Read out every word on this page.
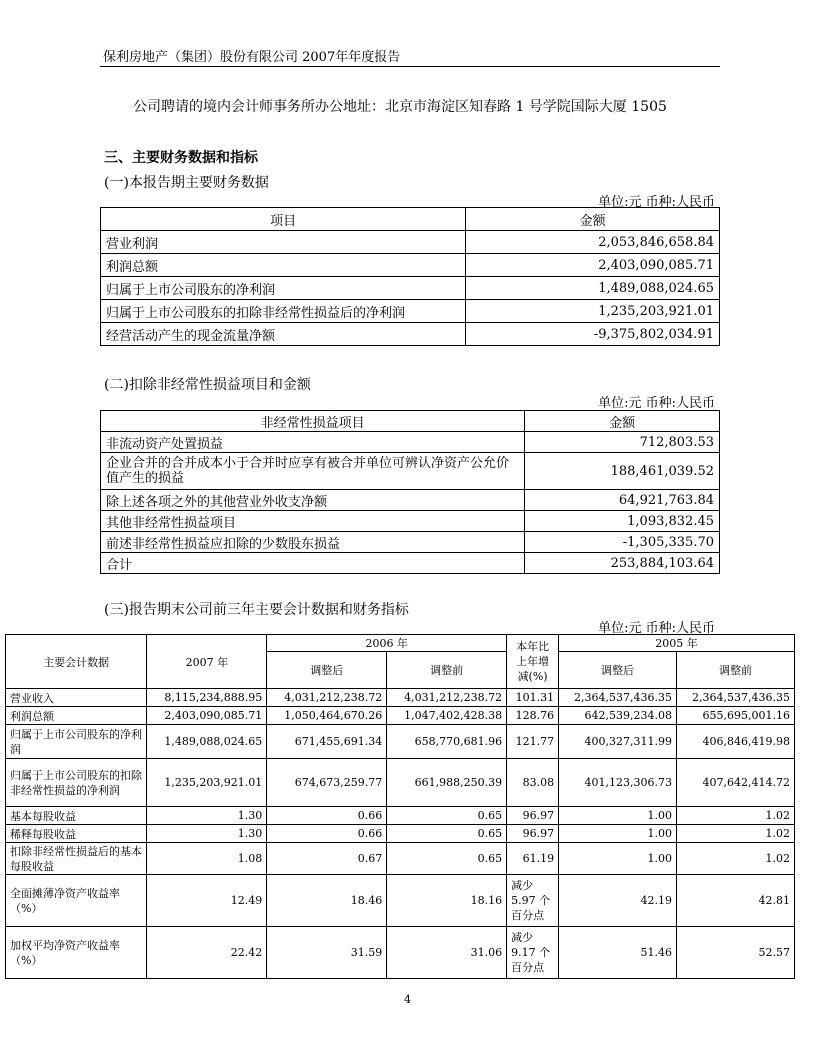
保利房地产（集团）股份有限公司 2007年年度报告
公司聘请的境内会计师事务所办公地址：北京市海淀区知春路 1 号学院国际大厦 1505
三、主要财务数据和指标
(一)本报告期主要财务数据
单位:元 币种:人民币
项目	金额
营业利润	2,053,846,658.84
利润总额	2,403,090,085.71
归属于上市公司股东的净利润	1,489,088,024.65
归属于上市公司股东的扣除非经常性损益后的净利润	1,235,203,921.01
经营活动产生的现金流量净额	-9,375,802,034.91
(二)扣除非经常性损益项目和金额
单位:元 币种:人民币
非经常性损益项目	金额
非流动资产处置损益	712,803.53
企业合并的合并成本小于合并时应享有被合并单位可辨认净资产公允价值产生的损益	188,461,039.52
除上述各项之外的其他营业外收支净额	64,921,763.84
其他非经常性损益项目	1,093,832.45
前述非经常性损益应扣除的少数股东损益	-1,305,335.70
合计	253,884,103.64
(三)报告期末公司前三年主要会计数据和财务指标
单位:元 币种:人民币
主要会计数据	2007 年	2006 年		本年比上年增减(%)	2005 年	
		调整后	调整前		调整后	调整前
营业收入	8,115,234,888.95	4,031,212,238.72	4,031,212,238.72	101.31	2,364,537,436.35	2,364,537,436.35
利润总额	2,403,090,085.71	1,050,464,670.26	1,047,402,428.38	128.76	642,539,234.08	655,695,001.16
归属于上市公司股东的净利润	1,489,088,024.65	671,455,691.34	658,770,681.96	121.77	400,327,311.99	406,846,419.98
归属于上市公司股东的扣除非经常性损益的净利润	1,235,203,921.01	674,673,259.77	661,988,250.39	83.08	401,123,306.73	407,642,414.72
基本每股收益	1.30	0.66	0.65	96.97	1.00	1.02
稀释每股收益	1.30	0.66	0.65	96.97	1.00	1.02
扣除非经常性损益后的基本每股收益	1.08	0.67	0.65	61.19	1.00	1.02
全面摊薄净资产收益率（%）	12.49	18.46	18.16	减少 5.97 个百分点	42.19	42.81
加权平均净资产收益率（%）	22.42	31.59	31.06	减少 9.17 个百分点	51.46	52.57
4
